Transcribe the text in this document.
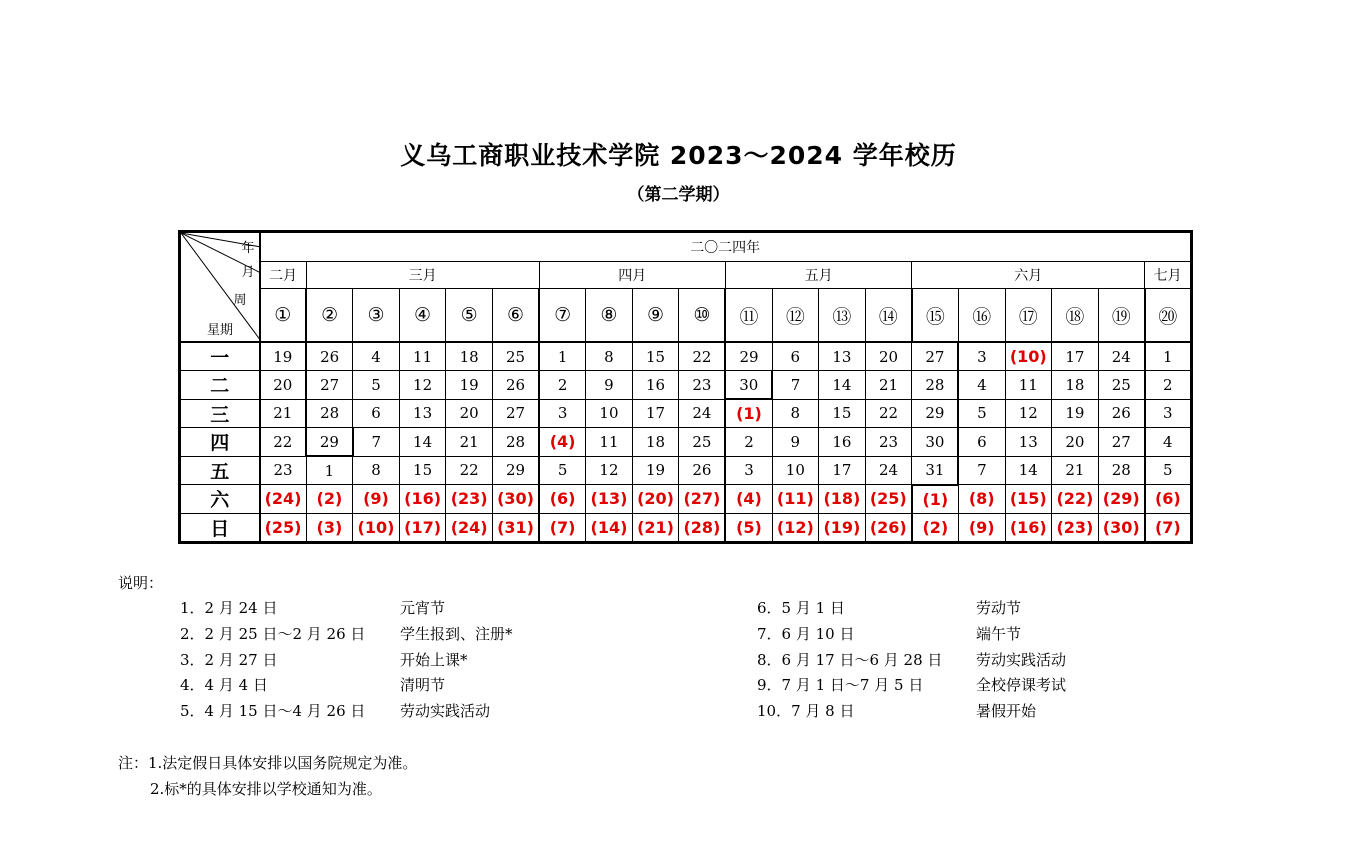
义乌工商职业技术学院 2023～2024 学年校历
（第二学期）
年
月
周
星期	二〇二四年																			
	二月	三月					四月				五月				六月					七月
	①	②	③	④	⑤	⑥	⑦	⑧	⑨	⑩	⑪	⑫	⑬	⑭	⑮	⑯	⑰	⑱	⑲	⑳
一	19	26	4	11	18	25	1	8	15	22	29	6	13	20	27	3	(10)	17	24	1
二	20	27	5	12	19	26	2	9	16	23	30	7	14	21	28	4	11	18	25	2
三	21	28	6	13	20	27	3	10	17	24	(1)	8	15	22	29	5	12	19	26	3
四	22	29	7	14	21	28	(4)	11	18	25	2	9	16	23	30	6	13	20	27	4
五	23	1	8	15	22	29	5	12	19	26	3	10	17	24	31	7	14	21	28	5
六	(24)	(2)	(9)	(16)	(23)	(30)	(6)	(13)	(20)	(27)	(4)	(11)	(18)	(25)	(1)	(8)	(15)	(22)	(29)	(6)
日	(25)	(3)	(10)	(17)	(24)	(31)	(7)	(14)	(21)	(28)	(5)	(12)	(19)	(26)	(2)	(9)	(16)	(23)	(30)	(7)
说明：
1．2 月 24 日	元宵节
2．2 月 25 日～2 月 26 日 学生报到、注册*
3．2 月 27 日	开始上课*
4．4 月 4 日	清明节
5．4 月 15 日～4 月 26 日 劳动实践活动
6．5 月 1 日	劳动节
7．6 月 10 日	端午节
8．6 月 17 日～6 月 28 日 劳动实践活动
9．7 月 1 日～7 月 5 日	全校停课考试
10．7 月 8 日	暑假开始
注：1.法定假日具体安排以国务院规定为准。
2.标*的具体安排以学校通知为准。
